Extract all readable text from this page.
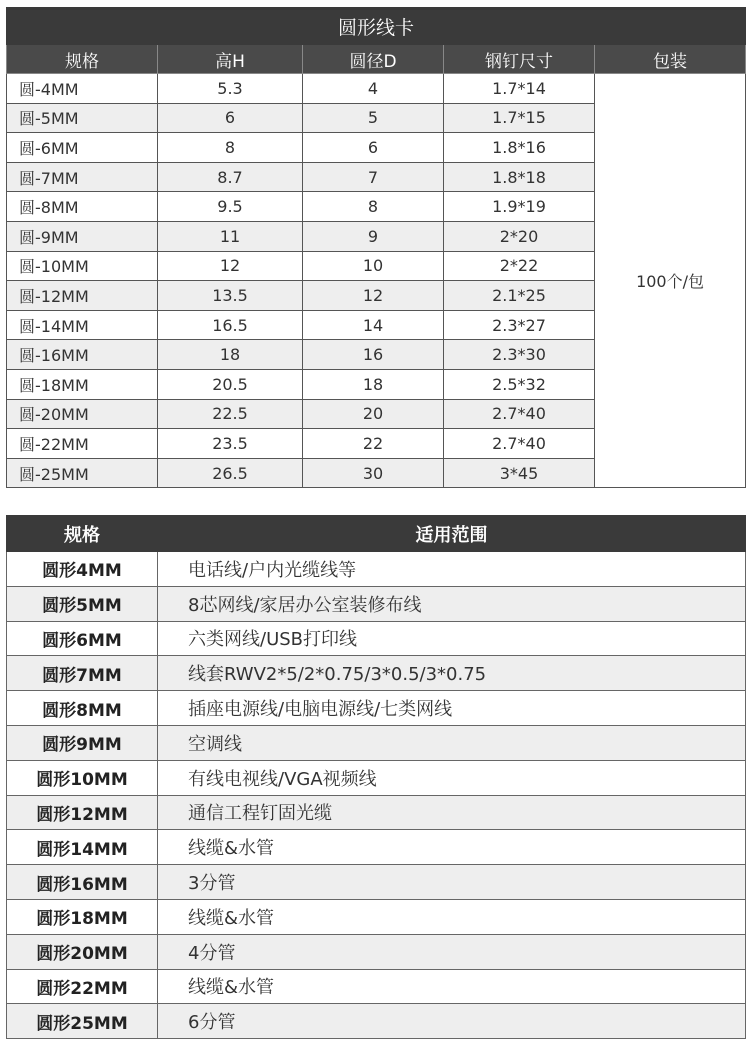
圆形线卡				
规格	高H	圆径D	钢钉尺寸	包装
圆-4MM	5.3	4	1.7*14	100个/包
圆-5MM	6	5	1.7*15	
圆-6MM	8	6	1.8*16	
圆-7MM	8.7	7	1.8*18	
圆-8MM	9.5	8	1.9*19	
圆-9MM	11	9	2*20	
圆-10MM	12	10	2*22	
圆-12MM	13.5	12	2.1*25	
圆-14MM	16.5	14	2.3*27	
圆-16MM	18	16	2.3*30	
圆-18MM	20.5	18	2.5*32	
圆-20MM	22.5	20	2.7*40	
圆-22MM	23.5	22	2.7*40	
圆-25MM	26.5	30	3*45	
规格	适用范围
圆形4MM	电话线/户内光缆线等
圆形5MM	8芯网线/家居办公室装修布线
圆形6MM	六类网线/USB打印线
圆形7MM	线套RWV2*5/2*0.75/3*0.5/3*0.75
圆形8MM	插座电源线/电脑电源线/七类网线
圆形9MM	空调线
圆形10MM	有线电视线/VGA视频线
圆形12MM	通信工程钉固光缆
圆形14MM	线缆&水管
圆形16MM	3分管
圆形18MM	线缆&水管
圆形20MM	4分管
圆形22MM	线缆&水管
圆形25MM	6分管
